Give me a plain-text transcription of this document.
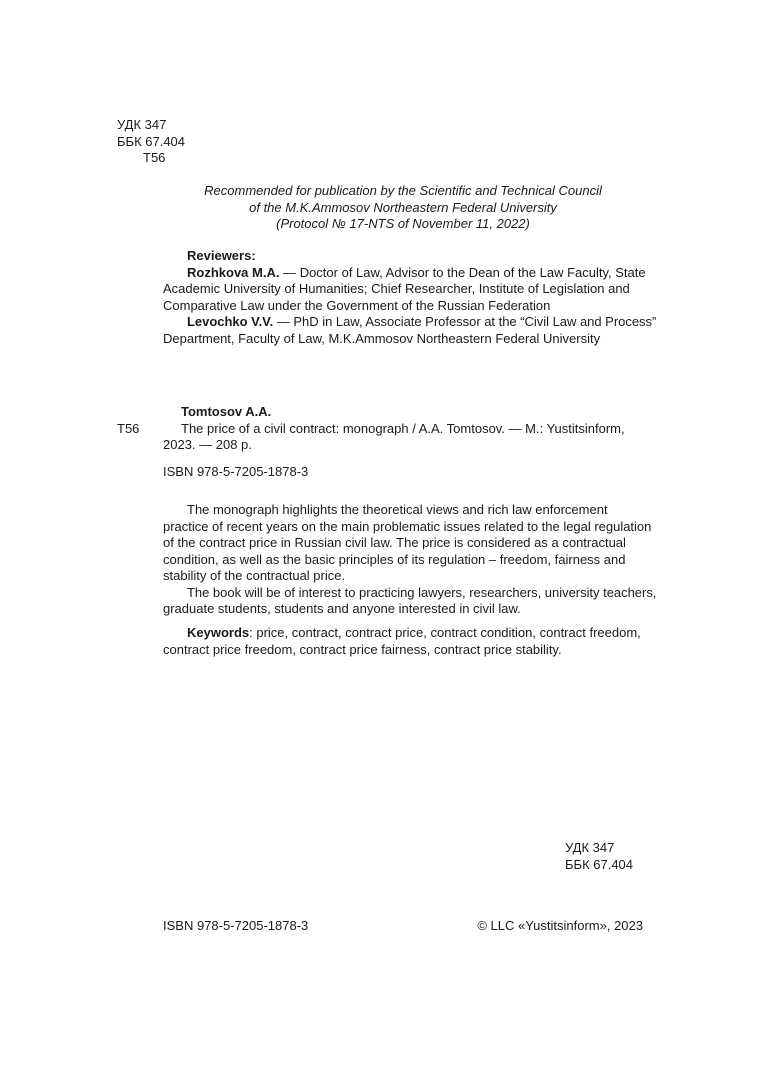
УДК 347
ББК 67.404
Т56
Recommended for publication by the Scientific and Technical Council
of the M.K.Ammosov Northeastern Federal University
(Protocol № 17-NTS of November 11, 2022)
Reviewers:
Rozhkova M.A. — Doctor of Law, Advisor to the Dean of the Law Faculty, State
Academic University of Humanities; Chief Researcher, Institute of Legislation and
Comparative Law under the Government of the Russian Federation
Levochko V.V. — PhD in Law, Associate Professor at the “Civil Law and Process”
Department, Faculty of Law, M.K.Ammosov Northeastern Federal University
Tomtosov A.A.
The price of a civil contract: monograph / A.A. Tomtosov. — M.: Yustitsinform,
2023. — 208 p.
Т56
ISBN 978-5-7205-1878-3
The monograph highlights the theoretical views and rich law enforcement
practice of recent years on the main problematic issues related to the legal regulation
of the contract price in Russian civil law. The price is considered as a contractual
condition, as well as the basic principles of its regulation – freedom, fairness and
stability of the contractual price.
The book will be of interest to practicing lawyers, researchers, university teachers,
graduate students, students and anyone interested in civil law.
Keywords: price, contract, contract price, contract condition, contract freedom,
contract price freedom, contract price fairness, contract price stability.
УДК 347
ББК 67.404
ISBN 978-5-7205-1878-3	© LLC «Yustitsinform», 2023
